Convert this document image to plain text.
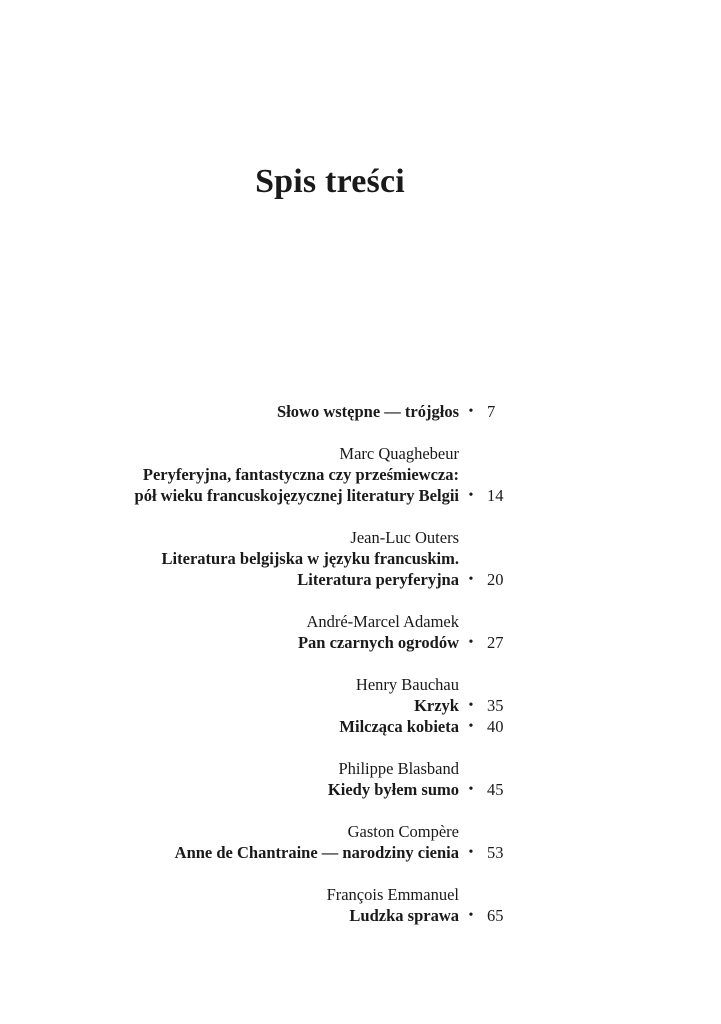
Spis treści
Słowo wstępne — trójgłos • 7
Marc Quaghebeur
Peryferyjna, fantastyczna czy prześmiewcza:
pół wieku francuskojęzycznej literatury Belgii • 14
Jean-Luc Outers
Literatura belgijska w języku francuskim.
Literatura peryferyjna • 20
André-Marcel Adamek
Pan czarnych ogrodów • 27
Henry Bauchau
Krzyk • 35
Milcząca kobieta • 40
Philippe Blasband
Kiedy byłem sumo • 45
Gaston Compère
Anne de Chantraine — narodziny cienia • 53
François Emmanuel
Ludzka sprawa • 65
